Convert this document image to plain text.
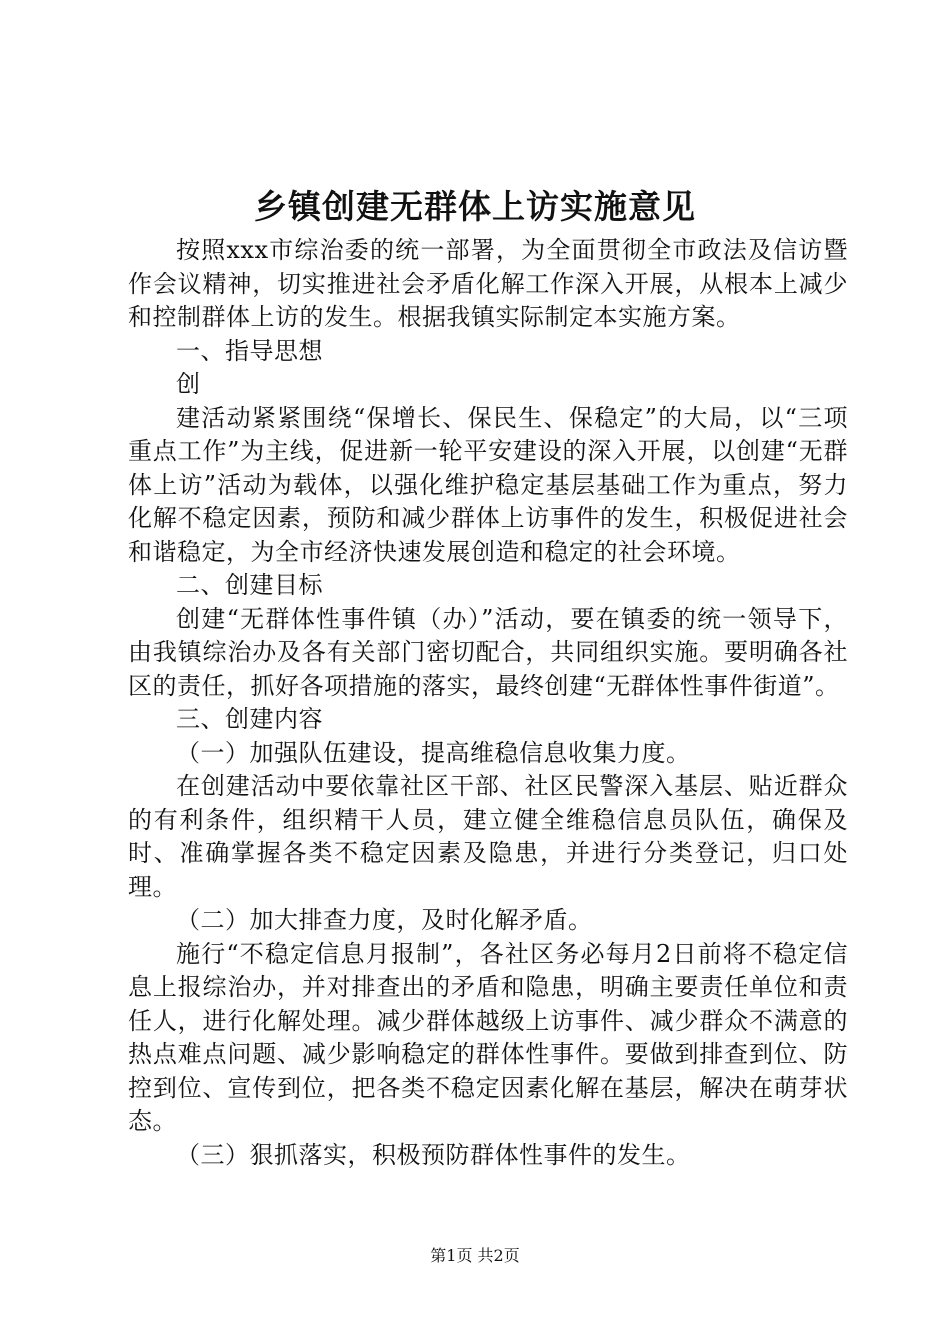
乡镇创建无群体上访实施意见

按照xxx市综治委的统一部署，为全面贯彻全市政法及信访暨作会议精神，切实推进社会矛盾化解工作深入开展，从根本上减少和控制群体上访的发生。根据我镇实际制定本实施方案。

一、指导思想

创

建活动紧紧围绕“保增长、保民生、保稳定”的大局，以“三项重点工作”为主线，促进新一轮平安建设的深入开展，以创建“无群体上访”活动为载体，以强化维护稳定基层基础工作为重点，努力化解不稳定因素，预防和减少群体上访事件的发生，积极促进社会和谐稳定，为全市经济快速发展创造和稳定的社会环境。

二、创建目标

创建“无群体性事件镇（办）”活动，要在镇委的统一领导下，由我镇综治办及各有关部门密切配合，共同组织实施。要明确各社区的责任，抓好各项措施的落实，最终创建“无群体性事件街道”。

三、创建内容

（一）加强队伍建设，提高维稳信息收集力度。

在创建活动中要依靠社区干部、社区民警深入基层、贴近群众的有利条件，组织精干人员，建立健全维稳信息员队伍，确保及时、准确掌握各类不稳定因素及隐患，并进行分类登记，归口处理。

（二）加大排查力度，及时化解矛盾。

施行“不稳定信息月报制”，各社区务必每月2日前将不稳定信息上报综治办，并对排查出的矛盾和隐患，明确主要责任单位和责任人，进行化解处理。减少群体越级上访事件、减少群众不满意的热点难点问题、减少影响稳定的群体性事件。要做到排查到位、防控到位、宣传到位，把各类不稳定因素化解在基层，解决在萌芽状态。

（三）狠抓落实，积极预防群体性事件的发生。

第1页 共2页
